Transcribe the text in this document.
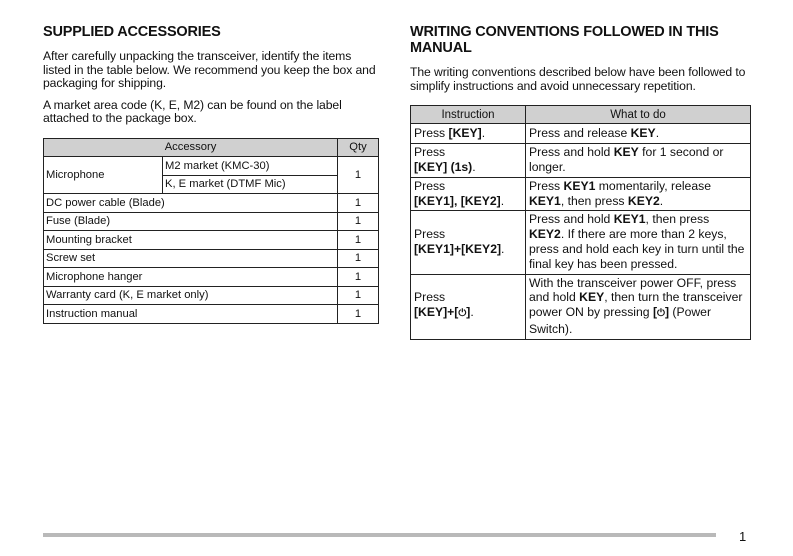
SUPPLIED ACCESSORIES

After carefully unpacking the transceiver, identify the items listed in the table below. We recommend you keep the box and packaging for shipping.

A market area code (K, E, M2) can be found on the label attached to the package box.

Accessory		Qty
Microphone	M2 market (KMC-30)	1
	K, E market (DTMF Mic)	
DC power cable (Blade)		1
Fuse (Blade)		1
Mounting bracket		1
Screw set		1
Microphone hanger		1
Warranty card (K, E market only)		1
Instruction manual		1
WRITING CONVENTIONS FOLLOWED IN THIS MANUAL

The writing conventions described below have been followed to simplify instructions and avoid unnecessary repetition.

Instruction	What to do
Press [KEY].	Press and release KEY.
Press
[KEY] (1s).	Press and hold KEY for 1 second or longer.
Press
[KEY1], [KEY2].	Press KEY1 momentarily, release KEY1, then press KEY2.
Press
[KEY1]+[KEY2].	Press and hold KEY1, then press KEY2. If there are more than 2 keys, press and hold each key in turn until the final key has been pressed.
Press
[KEY]+[⏻].	With the transceiver power OFF, press and hold KEY, then turn the transceiver power ON by pressing [⏻] (Power Switch).
1
